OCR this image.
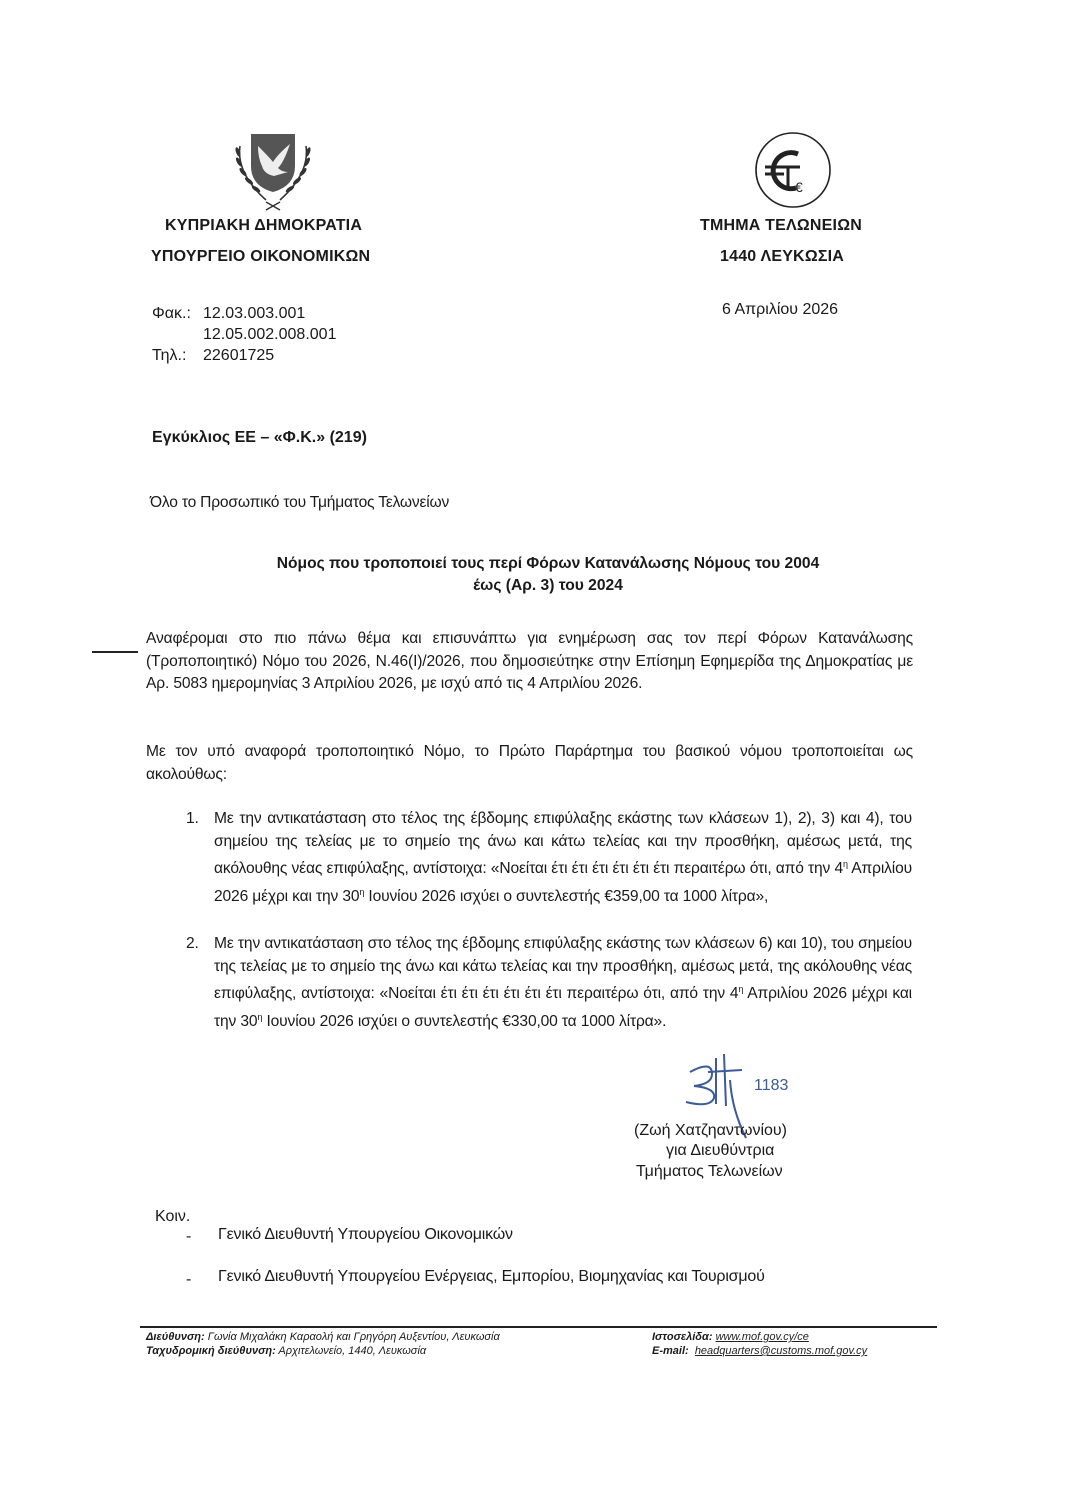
ΚΥΠΡΙΑΚΗ ΔΗΜΟΚΡΑΤΙΑ
ΥΠΟΥΡΓΕΙΟ ΟΙΚΟΝΟΜΙΚΩΝ
€
ΤΜΗΜΑ ΤΕΛΩΝΕΙΩΝ
1440 ΛΕΥΚΩΣΙΑ
6 Απριλίου 2026
Φακ.: 12.03.003.001
12.05.002.008.001
Τηλ.: 22601725
Εγκύκλιος ΕΕ – «Φ.Κ.» (219)
Όλο το Προσωπικό του Τμήματος Τελωνείων
Νόμος που τροποποιεί τους περί Φόρων Κατανάλωσης Νόμους του 2004
έως (Αρ. 3) του 2024
Αναφέρομαι στο πιο πάνω θέμα και επισυνάπτω για ενημέρωση σας τον περί Φόρων Κατανάλωσης (Τροποποιητικό) Νόμο του 2026, Ν.46(Ι)/2026, που δημοσιεύτηκε στην Επίσημη Εφημερίδα της Δημοκρατίας με Αρ. 5083 ημερομηνίας 3 Απριλίου 2026, με ισχύ από τις 4 Απριλίου 2026.
Με τον υπό αναφορά τροποποιητικό Νόμο, το Πρώτο Παράρτημα του βασικού νόμου τροποποιείται ως ακολούθως:
1. Με την αντικατάσταση στο τέλος της έβδομης επιφύλαξης εκάστης των κλάσεων 1), 2), 3) και 4), του σημείου της τελείας με το σημείο της άνω και κάτω τελείας και την προσθήκη, αμέσως μετά, της ακόλουθης νέας επιφύλαξης, αντίστοιχα: «Νοείται έτι έτι έτι έτι έτι έτι περαιτέρω ότι, από την $4^\eta$ Απριλίου 2026 μέχρι και την $30^\eta$ Ιουνίου 2026 ισχύει ο συντελεστής €359,00 τα 1000 λίτρα»,
2. Με την αντικατάσταση στο τέλος της έβδομης επιφύλαξης εκάστης των κλάσεων 6) και 10), του σημείου της τελείας με το σημείο της άνω και κάτω τελείας και την προσθήκη, αμέσως μετά, της ακόλουθης νέας επιφύλαξης, αντίστοιχα: «Νοείται έτι έτι έτι έτι έτι έτι περαιτέρω ότι, από την $4^\eta$ Απριλίου 2026 μέχρι και την $30^\eta$ Ιουνίου 2026 ισχύει ο συντελεστής €330,00 τα 1000 λίτρα».
1183
(Ζωή Χατζηαντωνίου)
για Διευθύντρια
Τμήματος Τελωνείων
Κοιν.
- Γενικό Διευθυντή Υπουργείου Οικονομικών
- Γενικό Διευθυντή Υπουργείου Ενέργειας, Εμπορίου, Βιομηχανίας και Τουρισμού
Διεύθυνση: Γωνία Μιχαλάκη Καραολή και Γρηγόρη Αυξεντίου, Λευκωσία
Ταχυδρομική διεύθυνση: Αρχιτελωνείο, 1440, Λευκωσία
Ιστοσελίδα: www.mof.gov.cy/ce
E-mail: headquarters@customs.mof.gov.cy
